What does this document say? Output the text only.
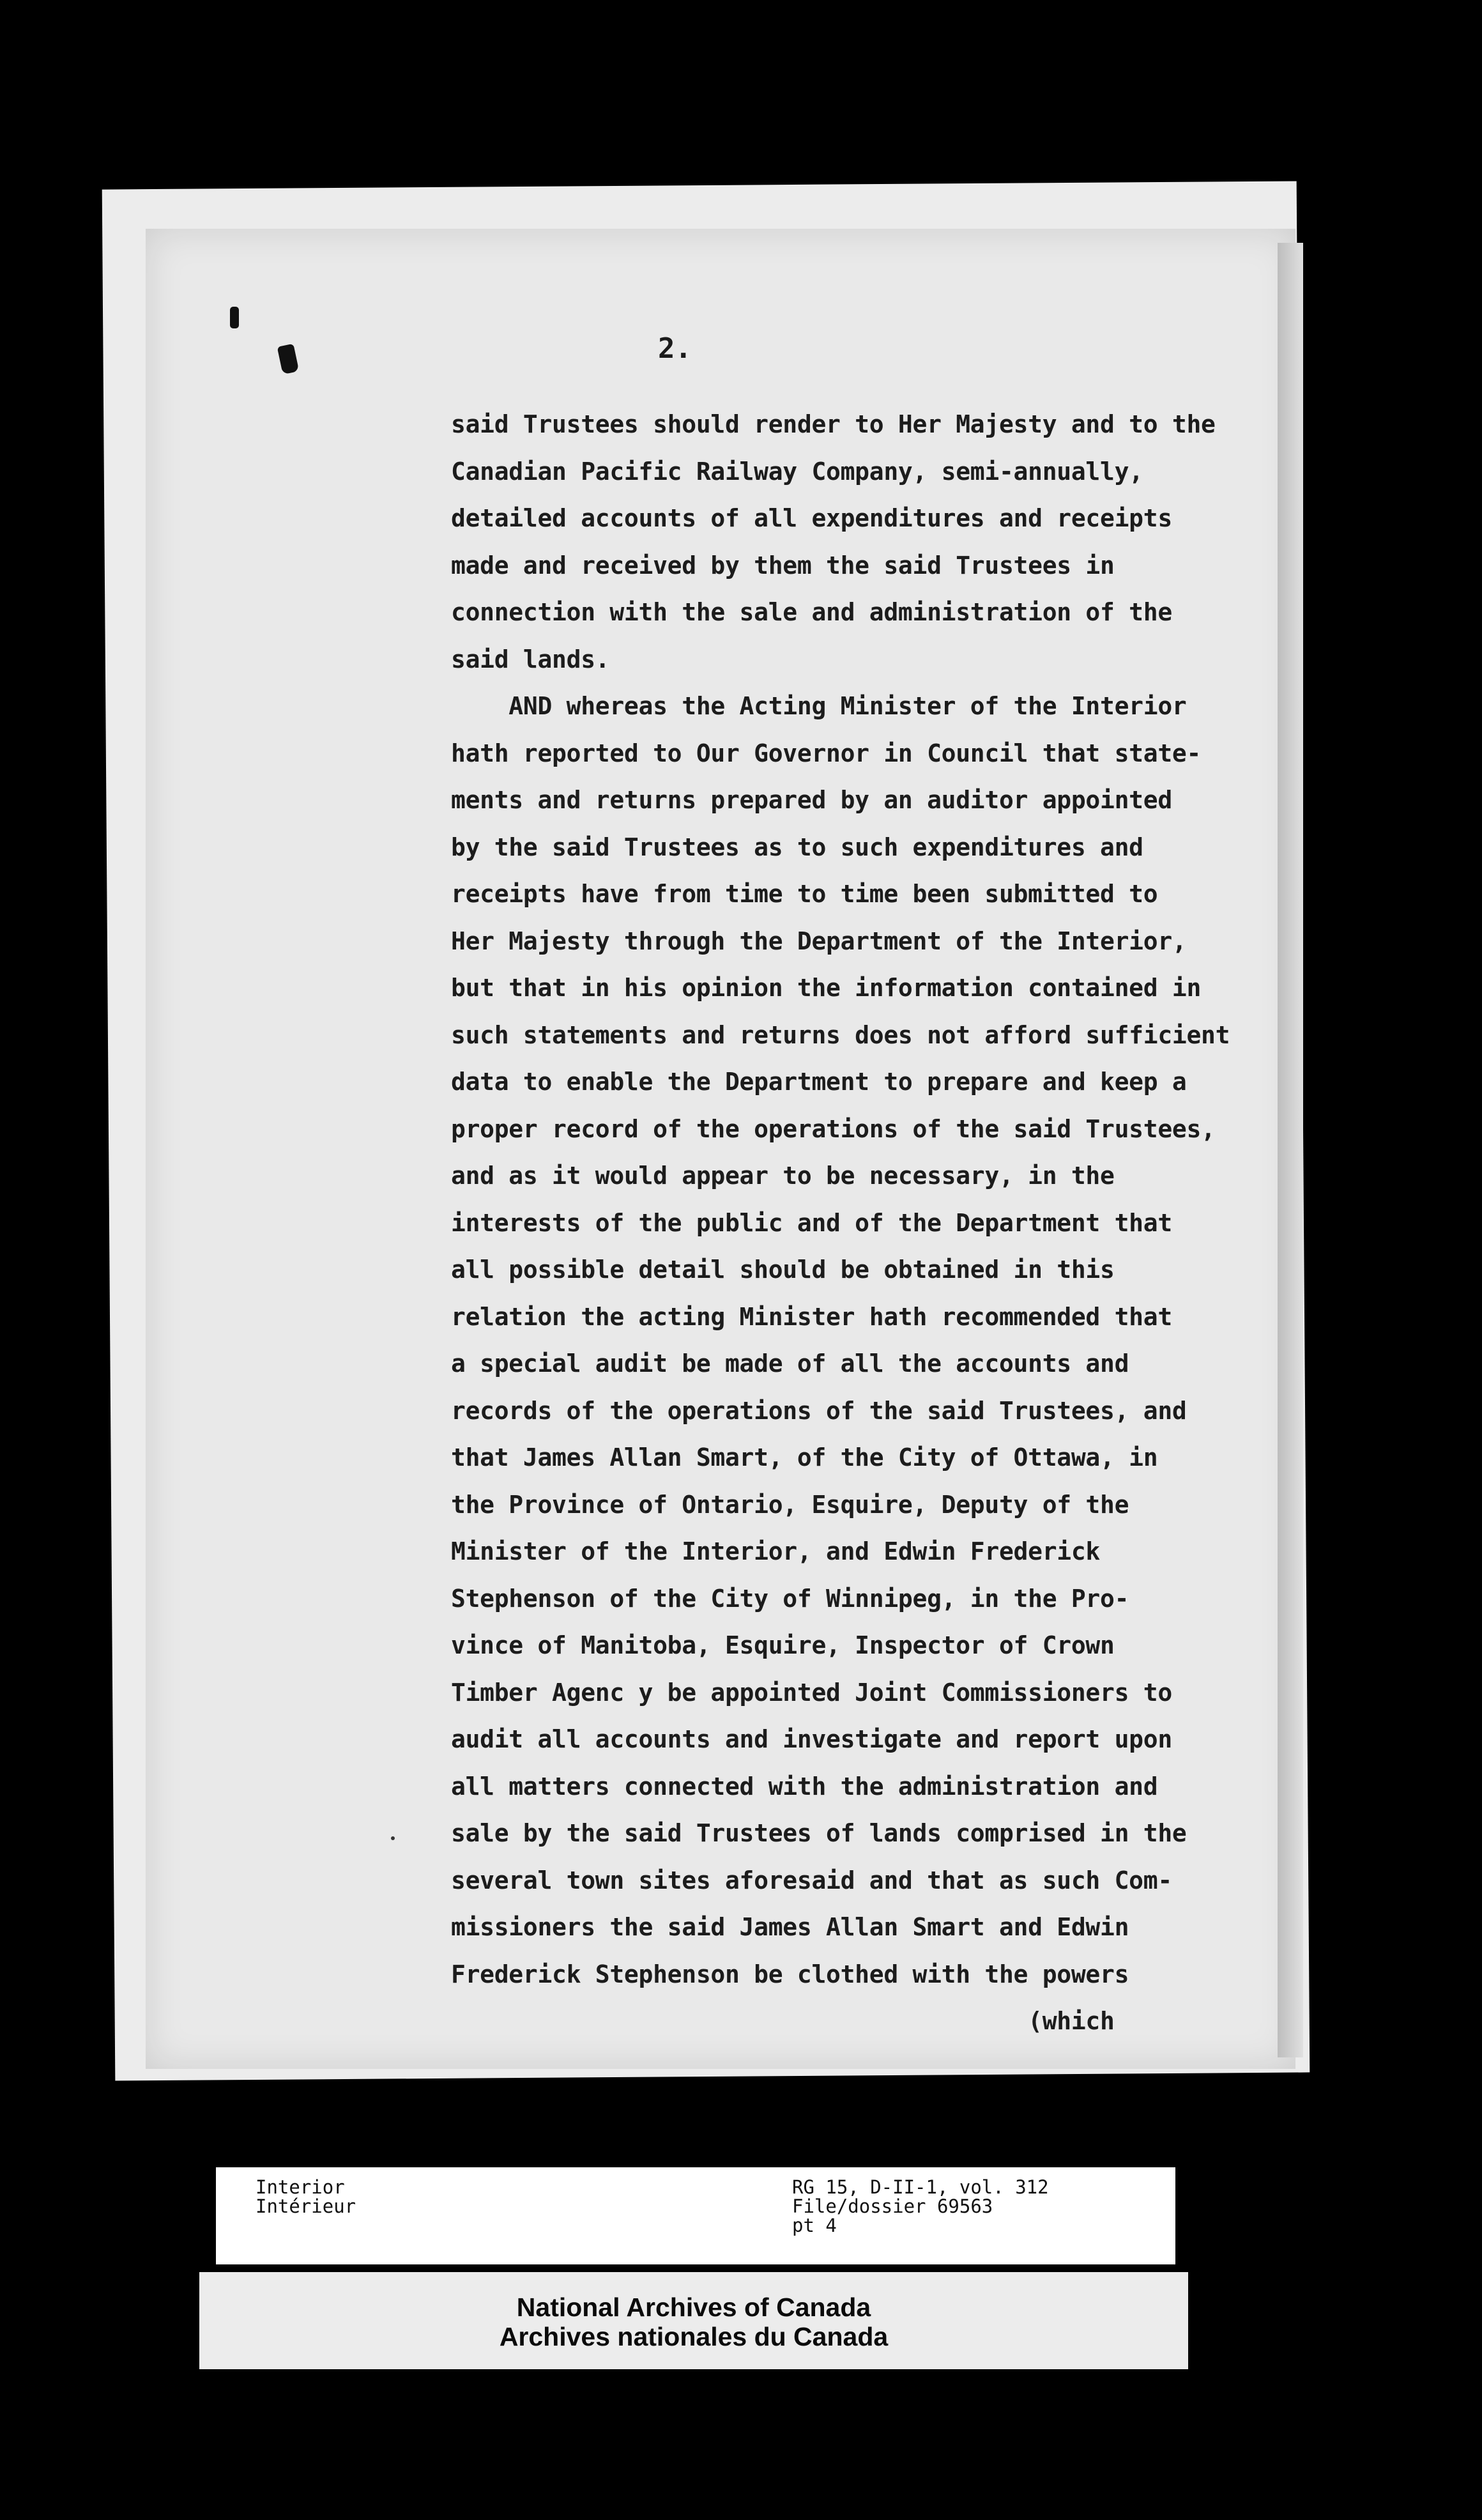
2.

said Trustees should render to Her Majesty and to the
Canadian Pacific Railway Company, semi-annually,
detailed accounts of all expenditures and receipts
made and received by them the said Trustees in
connection with the sale and administration of the
said lands.
AND whereas the Acting Minister of the Interior
hath reported to Our Governor in Council that state-
ments and returns prepared by an auditor appointed
by the said Trustees as to such expenditures and
receipts have from time to time been submitted to
Her Majesty through the Department of the Interior,
but that in his opinion the information contained in
such statements and returns does not afford sufficient
data to enable the Department to prepare and keep a
proper record of the operations of the said Trustees,
and as it would appear to be necessary, in the
interests of the public and of the Department that
all possible detail should be obtained in this
relation the acting Minister hath recommended that
a special audit be made of all the accounts and
records of the operations of the said Trustees, and
that James Allan Smart, of the City of Ottawa, in
the Province of Ontario, Esquire, Deputy of the
Minister of the Interior, and Edwin Frederick
Stephenson of the City of Winnipeg, in the Pro-
vince of Manitoba, Esquire, Inspector of Crown
Timber Agenc y be appointed Joint Commissioners to
audit all accounts and investigate and report upon
all matters connected with the administration and
sale by the said Trustees of lands comprised in the
several town sites aforesaid and that as such Com-
missioners the said James Allan Smart and Edwin
Frederick Stephenson be clothed with the powers
(which
Interior
Intérieur
RG 15, D-II-1, vol. 312
File/dossier 69563
pt 4
National Archives of Canada
Archives nationales du Canada
